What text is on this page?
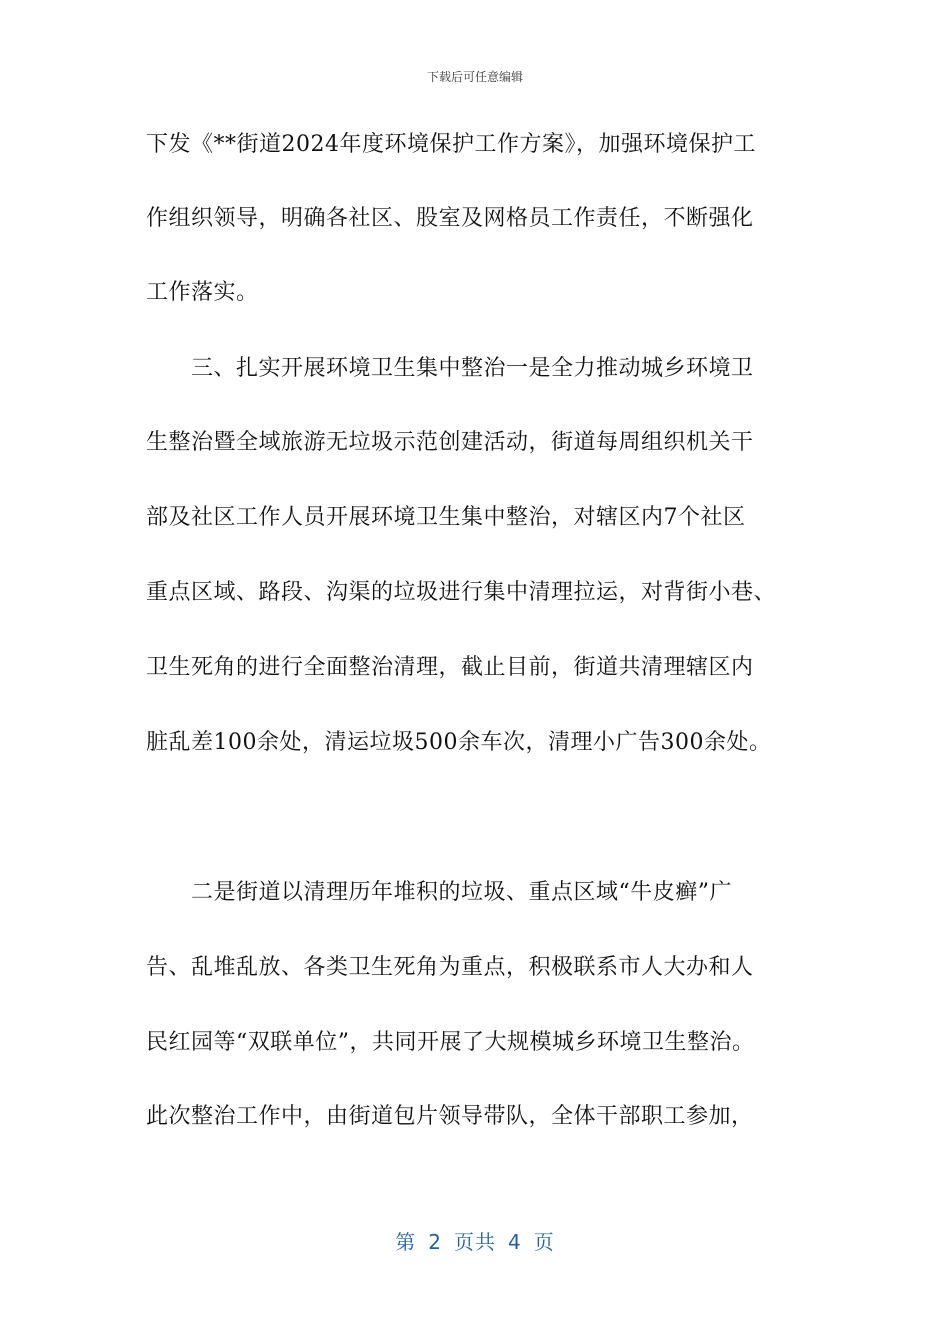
下载后可任意编辑
下发《**街道2024年度环境保护工作方案》，加强环境保护工
作组织领导，明确各社区、股室及网格员工作责任，不断强化
工作落实。
　　三、扎实开展环境卫生集中整治一是全力推动城乡环境卫
生整治暨全域旅游无垃圾示范创建活动，街道每周组织机关干
部及社区工作人员开展环境卫生集中整治，对辖区内7个社区
重点区域、路段、沟渠的垃圾进行集中清理拉运，对背街小巷、
卫生死角的进行全面整治清理，截止目前，街道共清理辖区内
脏乱差100余处，清运垃圾500余车次，清理小广告300余处。
　　二是街道以清理历年堆积的垃圾、重点区域“牛皮癣”广
告、乱堆乱放、各类卫生死角为重点，积极联系市人大办和人
民红园等“双联单位”，共同开展了大规模城乡环境卫生整治。
此次整治工作中，由街道包片领导带队，全体干部职工参加，
第 2 页共 4 页
